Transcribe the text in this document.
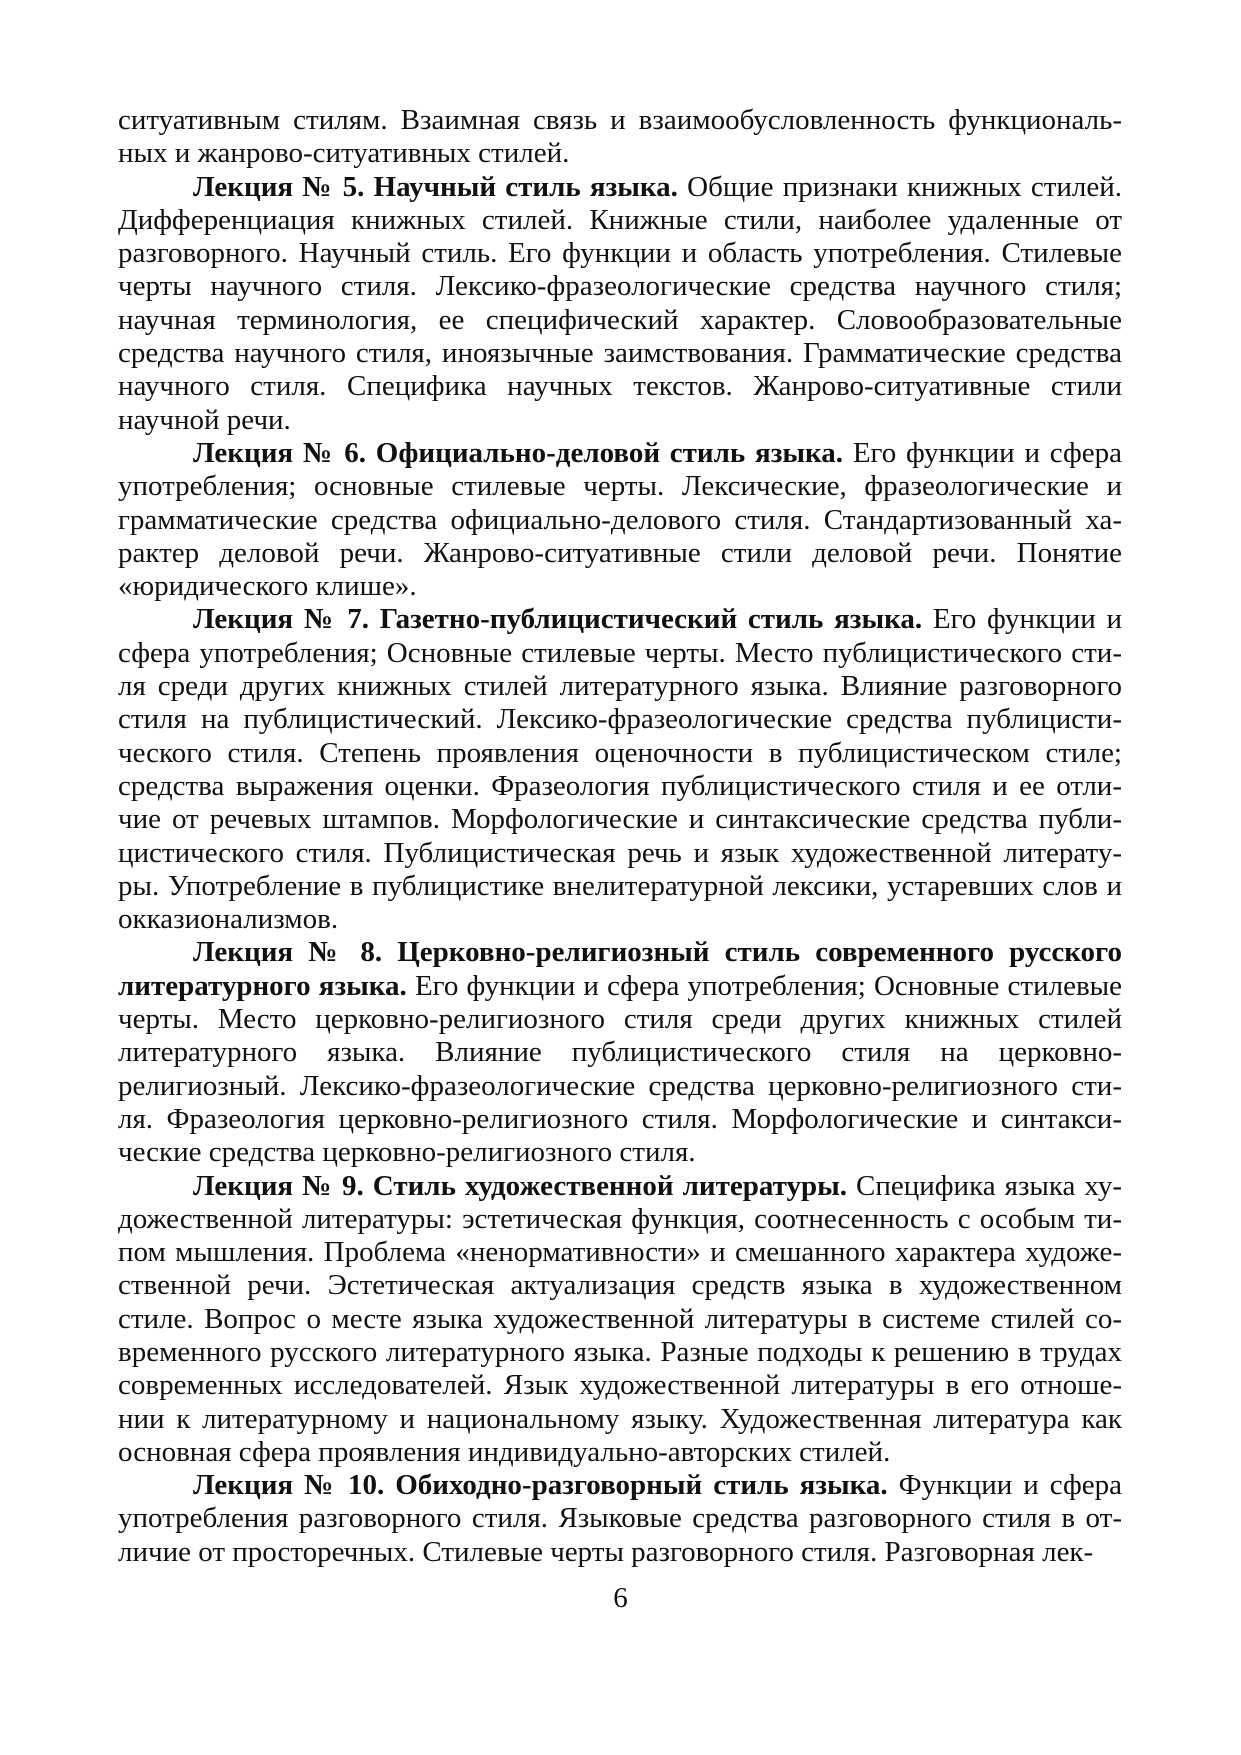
ситуативным стилям. Взаимная связь и взаимообусловленность функциональных и жанрово-ситуативных стилей.

Лекция № 5. Научный стиль языка. Общие признаки книжных стилей. Дифференциация книжных стилей. Книжные стили, наиболее удаленные от разговорного. Научный стиль. Его функции и область употребления. Стилевые черты научного стиля. Лексико-фразеологические средства научного стиля; научная терминология, ее специфический характер. Словообразовательные средства научного стиля, иноязычные заимствования. Грамматические средства научного стиля. Специфика научных текстов. Жанрово-ситуативные стили научной речи.

Лекция № 6. Официально-деловой стиль языка. Его функции и сфера употребления; основные стилевые черты. Лексические, фразеологические и грамматические средства официально-делового стиля. Стандартизованный характер деловой речи. Жанрово-ситуативные стили деловой речи. Понятие «юридического клише».

Лекция № 7. Газетно-публицистический стиль языка. Его функции и сфера употребления; Основные стилевые черты. Место публицистического стиля среди других книжных стилей литературного языка. Влияние разговорного стиля на публицистический. Лексико-фразеологические средства публицистического стиля. Степень проявления оценочности в публицистическом стиле; средства выражения оценки. Фразеология публицистического стиля и ее отличие от речевых штампов. Морфологические и синтаксические средства публицистического стиля. Публицистическая речь и язык художественной литературы. Употребление в публицистике внелитературной лексики, устаревших слов и окказионализмов.

Лекция № 8. Церковно-религиозный стиль современного русского литературного языка. Его функции и сфера употребления; Основные стилевые черты. Место церковно-религиозного стиля среди других книжных стилей литературного языка. Влияние публицистического стиля на церковно-религиозный. Лексико-фразеологические средства церковно-религиозного стиля. Фразеология церковно-религиозного стиля. Морфологические и синтаксические средства церковно-религиозного стиля.

Лекция № 9. Стиль художественной литературы. Специфика языка художественной литературы: эстетическая функция, соотнесенность с особым типом мышления. Проблема «ненормативности» и смешанного характера художественной речи. Эстетическая актуализация средств языка в художественном стиле. Вопрос о месте языка художественной литературы в системе стилей современного русского литературного языка. Разные подходы к решению в трудах современных исследователей. Язык художественной литературы в его отношении к литературному и национальному языку. Художественная литература как основная сфера проявления индивидуально-авторских стилей.

Лекция № 10. Обиходно-разговорный стиль языка. Функции и сфера употребления разговорного стиля. Языковые средства разговорного стиля в отличие от просторечных. Стилевые черты разговорного стиля. Разговорная лек-

6
